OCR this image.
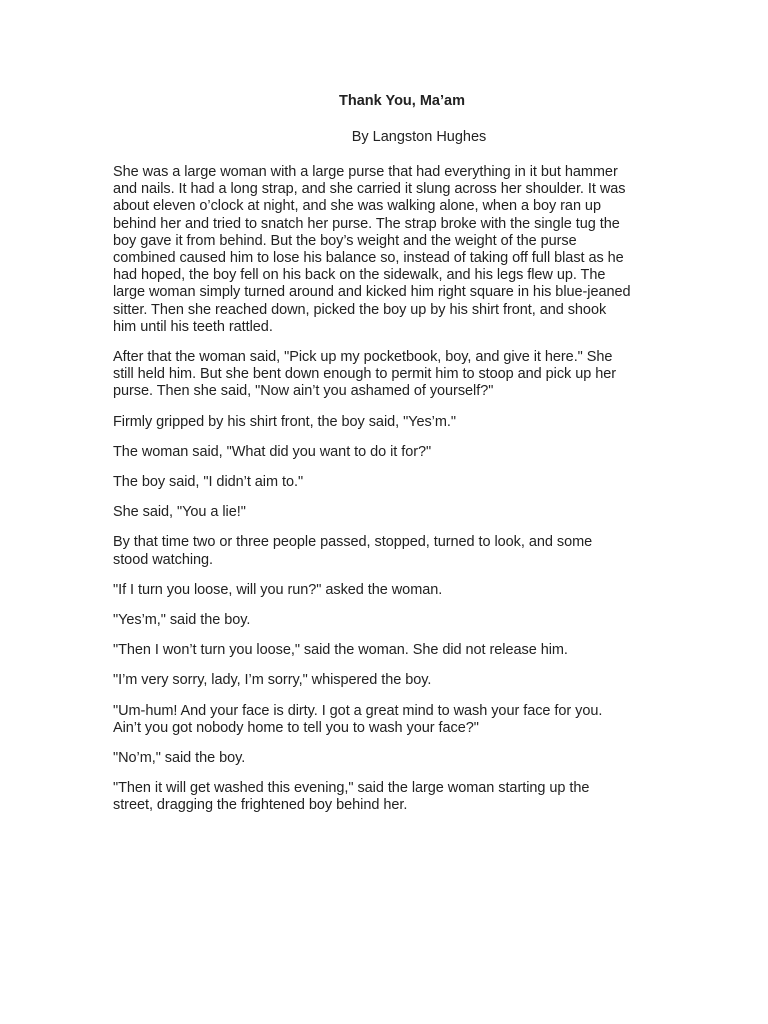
Thank You, Ma’am
By Langston Hughes

She was a large woman with a large purse that had everything in it but hammer
and nails. It had a long strap, and she carried it slung across her shoulder. It was
about eleven o’clock at night, and she was walking alone, when a boy ran up
behind her and tried to snatch her purse. The strap broke with the single tug the
boy gave it from behind. But the boy’s weight and the weight of the purse
combined caused him to lose his balance so, instead of taking off full blast as he
had hoped, the boy fell on his back on the sidewalk, and his legs flew up. The
large woman simply turned around and kicked him right square in his blue-jeaned
sitter. Then she reached down, picked the boy up by his shirt front, and shook
him until his teeth rattled.

After that the woman said, "Pick up my pocketbook, boy, and give it here." She
still held him. But she bent down enough to permit him to stoop and pick up her
purse. Then she said, "Now ain’t you ashamed of yourself?"

Firmly gripped by his shirt front, the boy said, "Yes’m."

The woman said, "What did you want to do it for?"

The boy said, "I didn’t aim to."

She said, "You a lie!"

By that time two or three people passed, stopped, turned to look, and some
stood watching.

"If I turn you loose, will you run?" asked the woman.

"Yes’m," said the boy.

"Then I won’t turn you loose," said the woman. She did not release him.

"I’m very sorry, lady, I’m sorry," whispered the boy.

"Um-hum! And your face is dirty. I got a great mind to wash your face for you.
Ain’t you got nobody home to tell you to wash your face?"

"No’m," said the boy.

"Then it will get washed this evening," said the large woman starting up the
street, dragging the frightened boy behind her.
